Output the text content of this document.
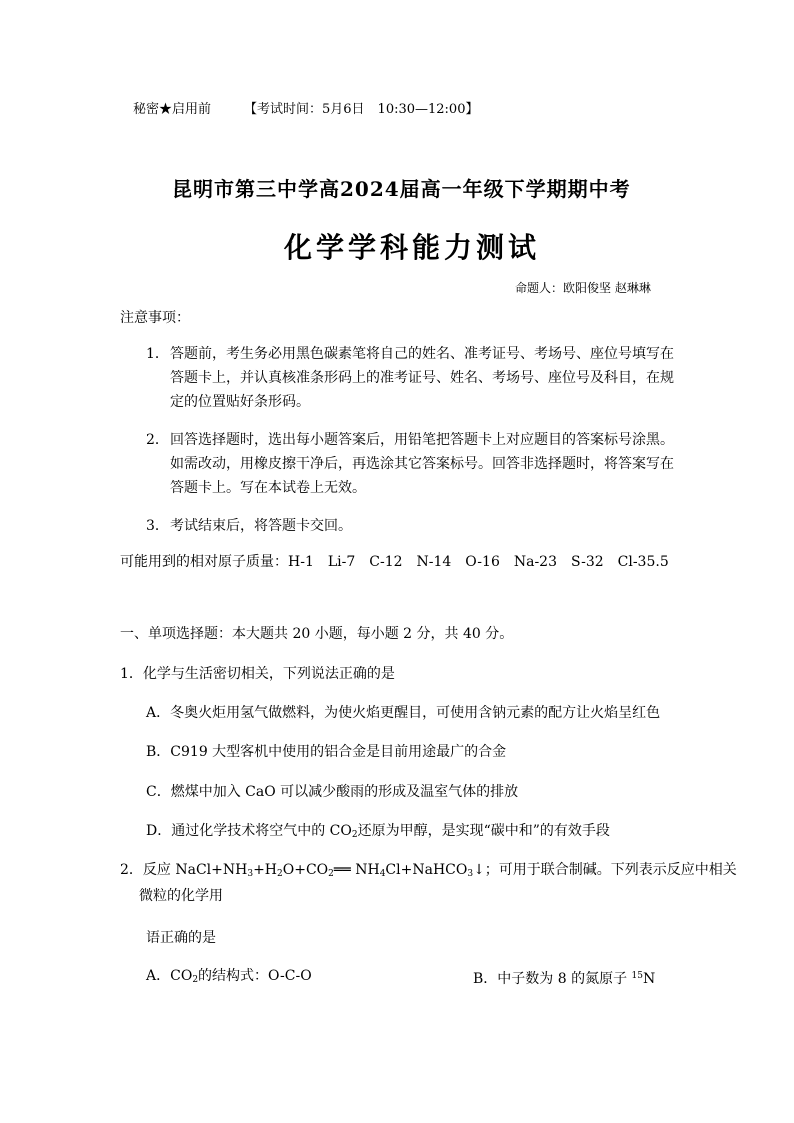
秘密★启用前	【考试时间：5月6日　10:30—12:00】
昆明市第三中学高2024届高一年级下学期期中考
化学学科能力测试
命题人：欧阳俊坚 赵琳琳
注意事项：
1． 答题前，考生务必用黑色碳素笔将自己的姓名、准考证号、考场号、座位号填写在
答题卡上，并认真核准条形码上的准考证号、姓名、考场号、座位号及科目，在规
定的位置贴好条形码。
2． 回答选择题时，选出每小题答案后，用铅笔把答题卡上对应题目的答案标号涂黑。
如需改动，用橡皮擦干净后，再选涂其它答案标号。回答非选择题时，将答案写在
答题卡上。写在本试卷上无效。
3． 考试结束后，将答题卡交回。
可能用到的相对原子质量：H-1　Li-7　C-12　N-14　O-16　Na-23　S-32　Cl-35.5
一、单项选择题：本大题共 20 小题，每小题 2 分，共 40 分。
1．化学与生活密切相关，下列说法正确的是
A．冬奥火炬用氢气做燃料，为使火焰更醒目，可使用含钠元素的配方让火焰呈红色
B．C919 大型客机中使用的铝合金是目前用途最广的合金
C．燃煤中加入 CaO 可以减少酸雨的形成及温室气体的排放
D．通过化学技术将空气中的 $CO_2$还原为甲醇，是实现“碳中和”的有效手段
2．反应 $NaCl+NH_3+H_2O+CO_2══$ $NH_4Cl+NaHCO_3↓$；可用于联合制碱。下列表示反应中相关
微粒的化学用
语正确的是
A．$CO_2$的结构式：O-C-O	B．中子数为 8 的氮原子 $^{15}$N
